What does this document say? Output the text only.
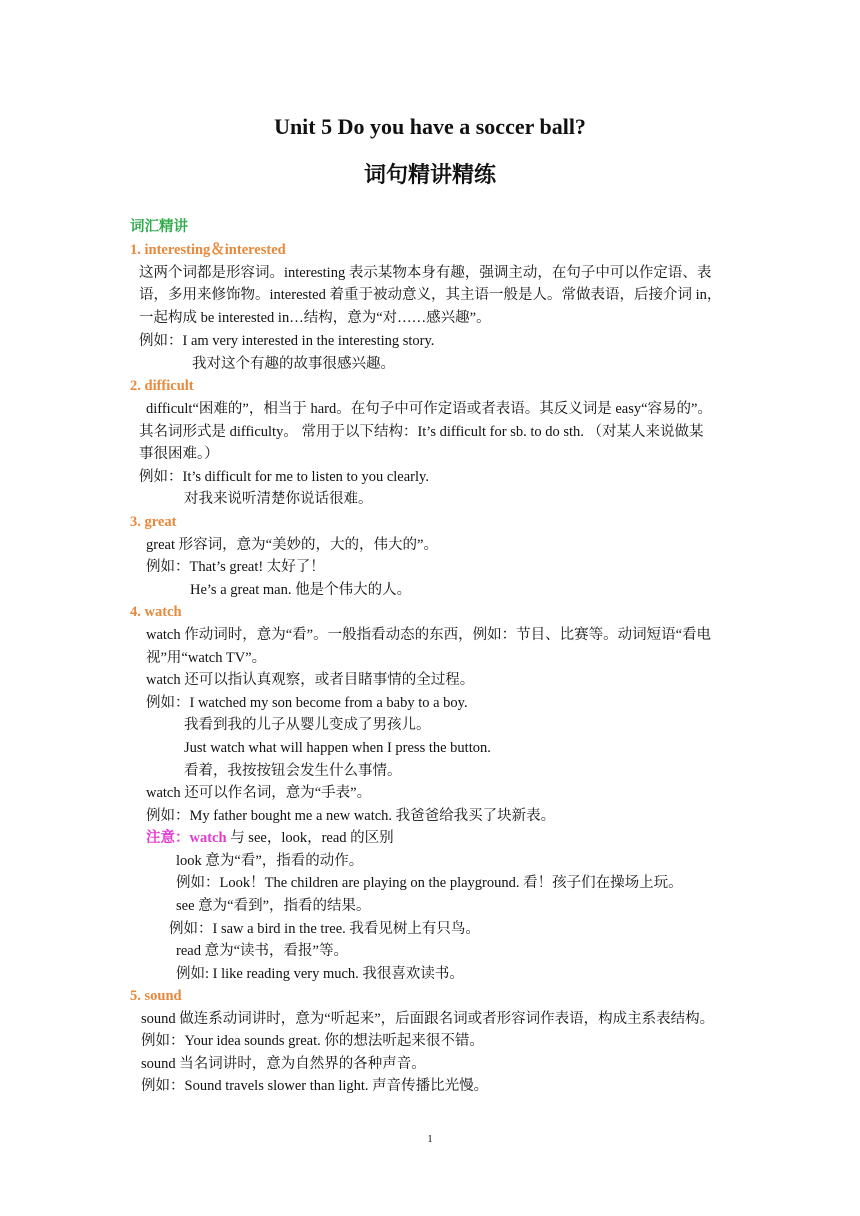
Unit 5 Do you have a soccer ball?
词句精讲精练
词汇精讲
1. interesting＆interested
这两个词都是形容词。interesting 表示某物本身有趣，强调主动，在句子中可以作定语、表
语，多用来修饰物。interested 着重于被动意义，其主语一般是人。常做表语，后接介词 in，
一起构成 be interested in…结构，意为“对……感兴趣”。
例如：I am very interested in the interesting story.
我对这个有趣的故事很感兴趣。
2. difficult
difficult“困难的”，相当于 hard。在句子中可作定语或者表语。其反义词是 easy“容易的”。
其名词形式是 difficulty。 常用于以下结构：It’s difficult for sb. to do sth. （对某人来说做某
事很困难。）
例如：It’s difficult for me to listen to you clearly.
对我来说听清楚你说话很难。
3. great
great 形容词，意为“美妙的，大的，伟大的”。
例如：That’s great! 太好了！
He’s a great man. 他是个伟大的人。
4. watch
watch 作动词时，意为“看”。一般指看动态的东西，例如：节目、比赛等。动词短语“看电
视”用“watch TV”。
watch 还可以指认真观察，或者目睹事情的全过程。
例如：I watched my son become from a baby to a boy.
我看到我的儿子从婴儿变成了男孩儿。
Just watch what will happen when I press the button.
看着，我按按钮会发生什么事情。
watch 还可以作名词，意为“手表”。
例如：My father bought me a new watch. 我爸爸给我买了块新表。
注意：watch 与 see，look，read 的区别
look 意为“看”，指看的动作。
例如：Look！The children are playing on the playground. 看！孩子们在操场上玩。
see 意为“看到”，指看的结果。
例如：I saw a bird in the tree. 我看见树上有只鸟。
read 意为“读书，看报”等。
例如: I like reading very much. 我很喜欢读书。
5. sound
sound 做连系动词讲时，意为“听起来”，后面跟名词或者形容词作表语，构成主系表结构。
例如：Your idea sounds great. 你的想法听起来很不错。
sound 当名词讲时，意为自然界的各种声音。
例如：Sound travels slower than light. 声音传播比光慢。
1
